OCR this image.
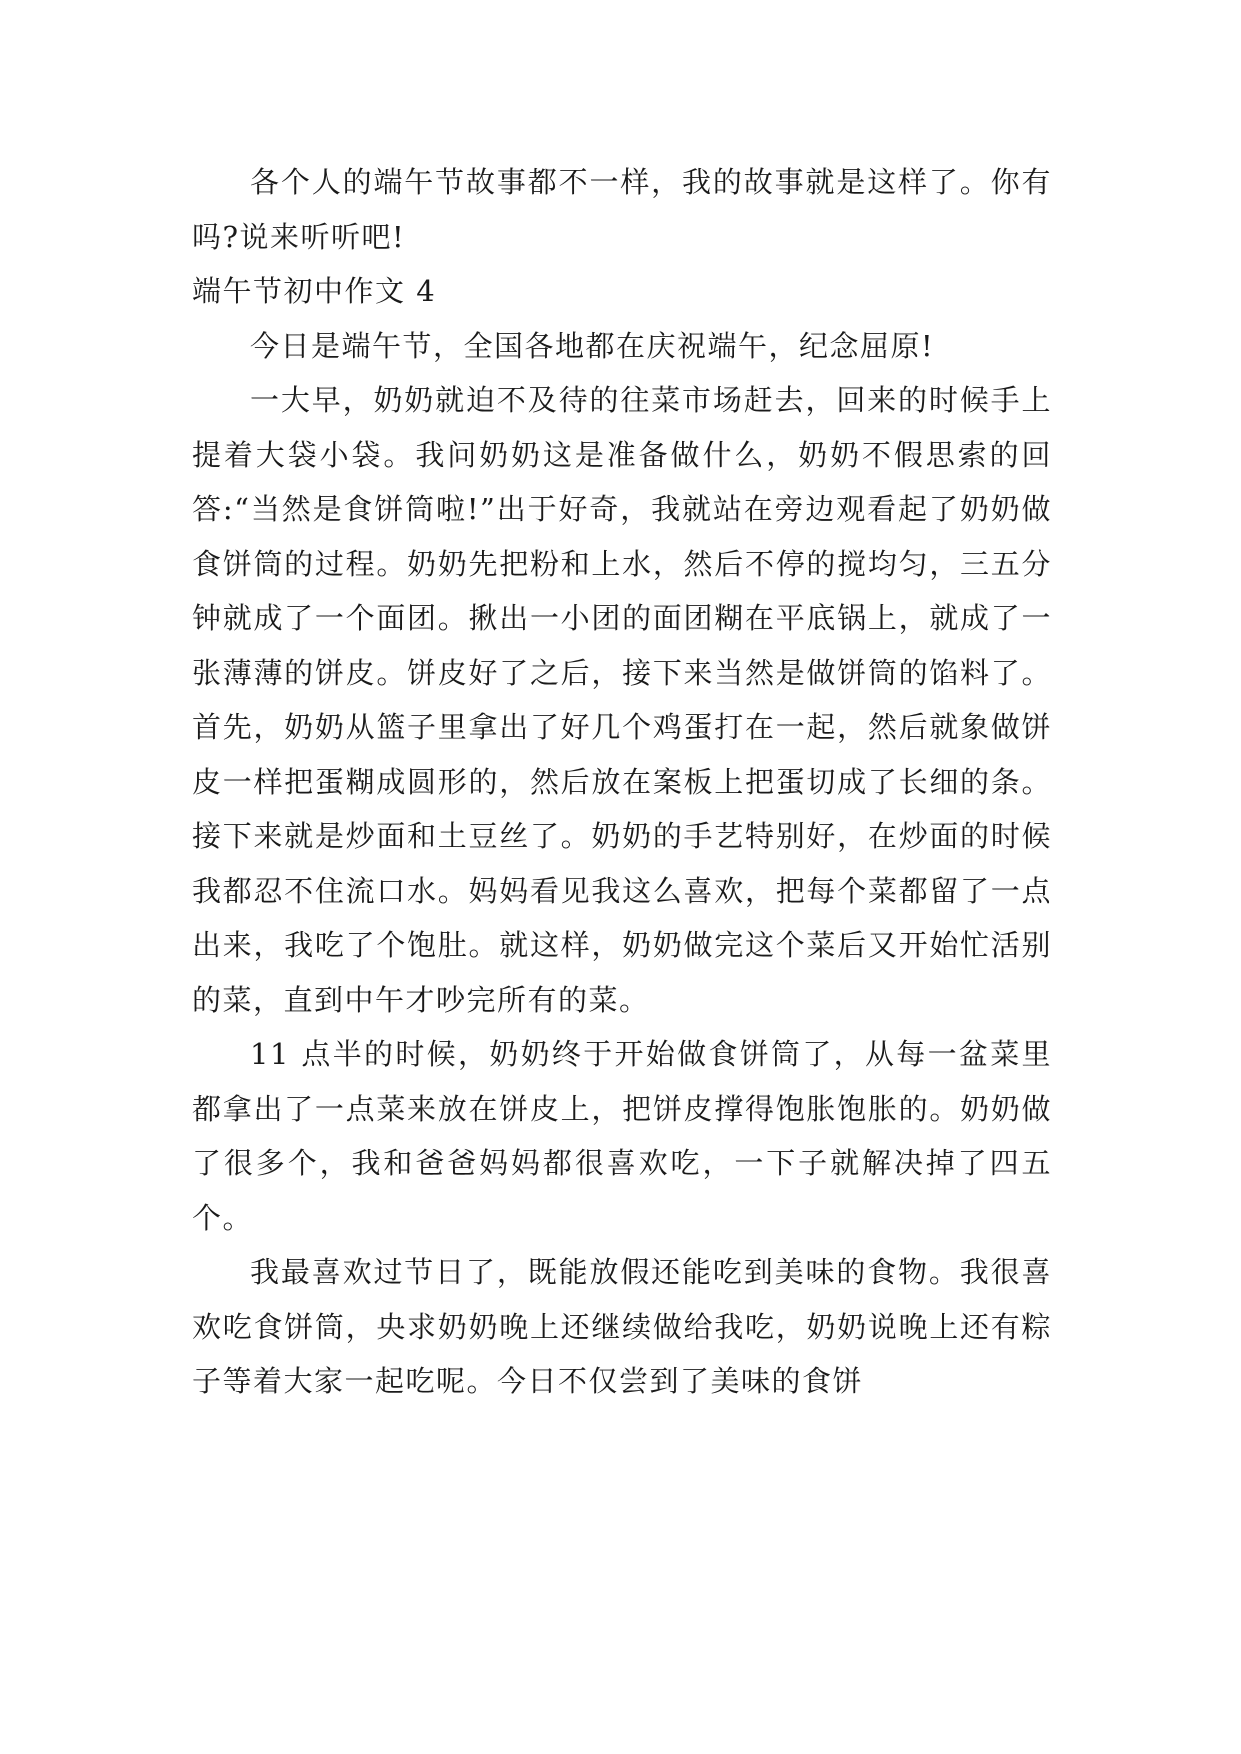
各个人的端午节故事都不一样，我的故事就是这样了。你有吗?说来听听吧!

端午节初中作文 4

今日是端午节，全国各地都在庆祝端午，纪念屈原!

一大早，奶奶就迫不及待的往菜市场赶去，回来的时候手上提着大袋小袋。我问奶奶这是准备做什么，奶奶不假思索的回答:“当然是食饼筒啦!”出于好奇，我就站在旁边观看起了奶奶做食饼筒的过程。奶奶先把粉和上水，然后不停的搅均匀，三五分钟就成了一个面团。揪出一小团的面团糊在平底锅上，就成了一张薄薄的饼皮。饼皮好了之后，接下来当然是做饼筒的馅料了。首先，奶奶从篮子里拿出了好几个鸡蛋打在一起，然后就象做饼皮一样把蛋糊成圆形的，然后放在案板上把蛋切成了长细的条。接下来就是炒面和土豆丝了。奶奶的手艺特别好，在炒面的时候我都忍不住流口水。妈妈看见我这么喜欢，把每个菜都留了一点出来，我吃了个饱肚。就这样，奶奶做完这个菜后又开始忙活别的菜，直到中午才吵完所有的菜。

11 点半的时候，奶奶终于开始做食饼筒了，从每一盆菜里都拿出了一点菜来放在饼皮上，把饼皮撑得饱胀饱胀的。奶奶做了很多个，我和爸爸妈妈都很喜欢吃，一下子就解决掉了四五个。

我最喜欢过节日了，既能放假还能吃到美味的食物。我很喜欢吃食饼筒，央求奶奶晚上还继续做给我吃，奶奶说晚上还有粽子等着大家一起吃呢。今日不仅尝到了美味的食饼
